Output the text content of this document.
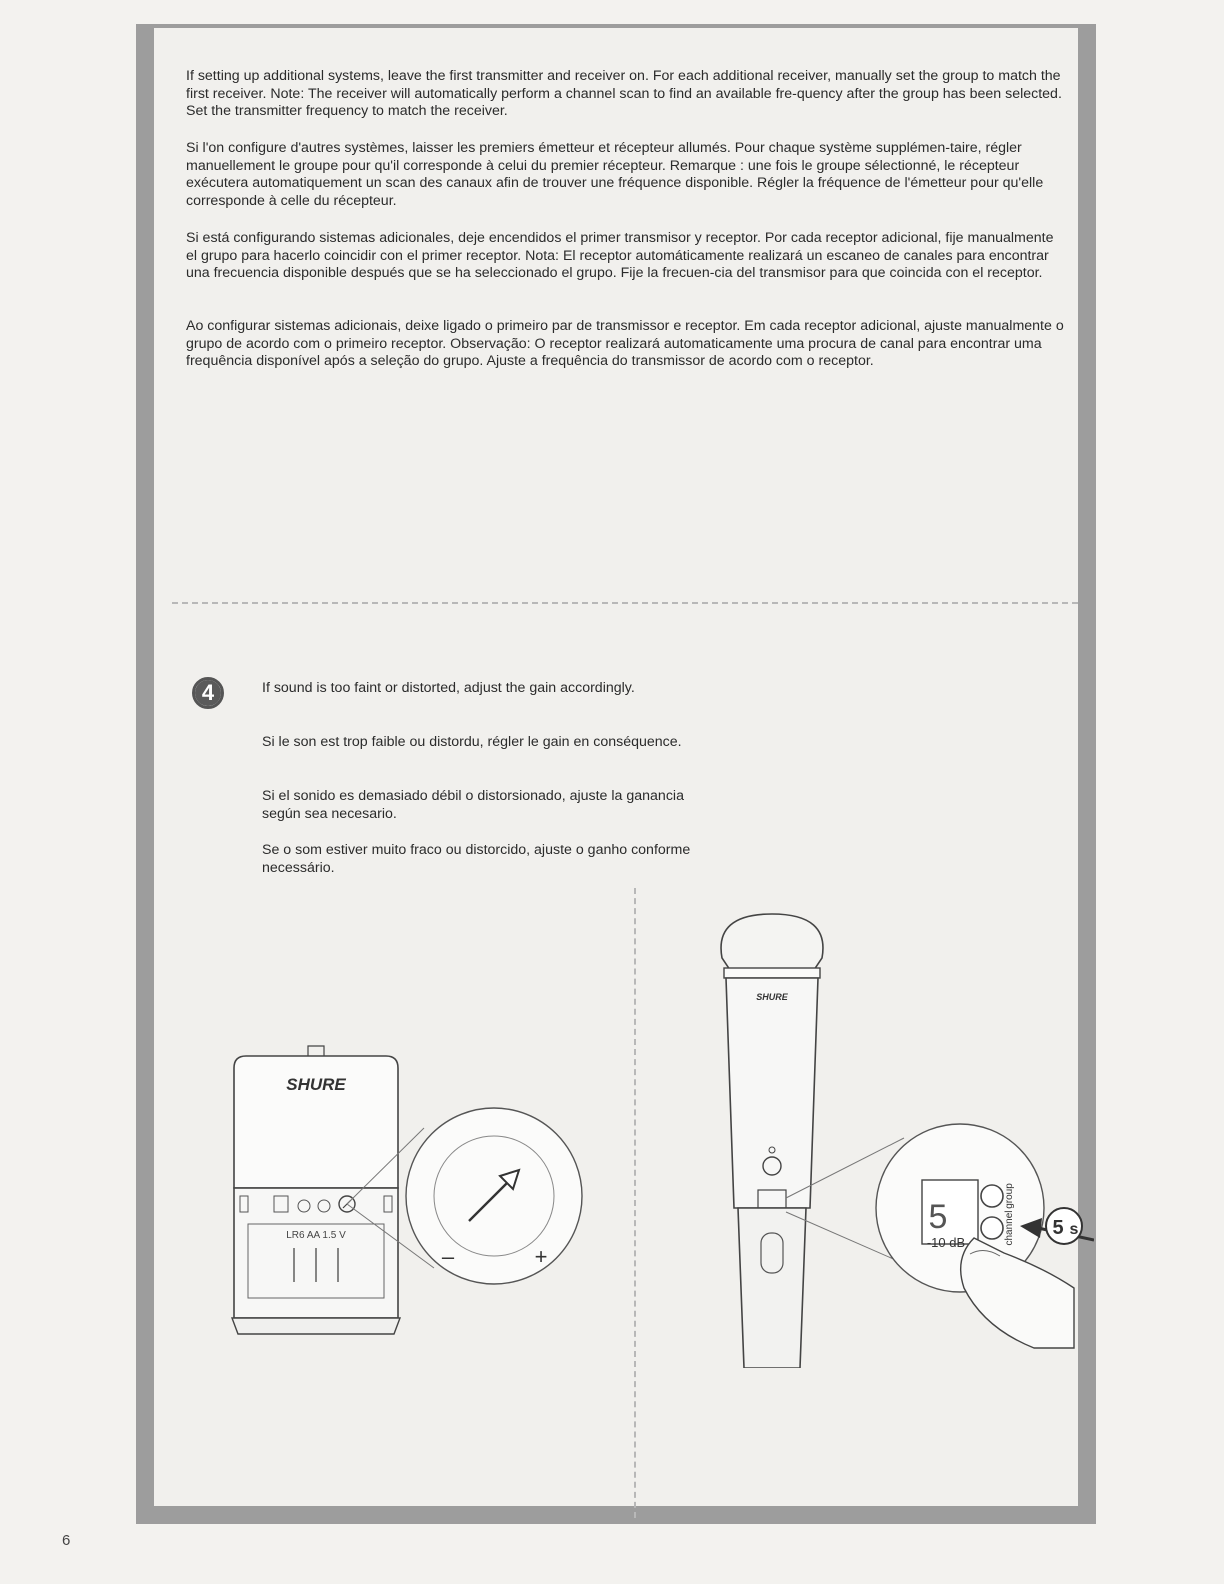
If setting up additional systems, leave the first transmitter and receiver on. For each additional receiver, manually set the group to match the first receiver. Note: The receiver will automatically perform a channel scan to find an available fre-quency after the group has been selected. Set the transmitter frequency to match the receiver.

Si l'on configure d'autres systèmes, laisser les premiers émetteur et récepteur allumés. Pour chaque système supplémen-taire, régler manuellement le groupe pour qu'il corresponde à celui du premier récepteur. Remarque : une fois le groupe sélectionné, le récepteur exécutera automatiquement un scan des canaux afin de trouver une fréquence disponible. Régler la fréquence de l'émetteur pour qu'elle corresponde à celle du récepteur.

Si está configurando sistemas adicionales, deje encendidos el primer transmisor y receptor. Por cada receptor adicional, fije manualmente el grupo para hacerlo coincidir con el primer receptor. Nota: El receptor automáticamente realizará un escaneo de canales para encontrar una frecuencia disponible después que se ha seleccionado el grupo. Fije la frecuen-cia del transmisor para que coincida con el receptor.

Ao configurar sistemas adicionais, deixe ligado o primeiro par de transmissor e receptor. Em cada receptor adicional, ajuste manualmente o grupo de acordo com o primeiro receptor. Observação: O receptor realizará automaticamente uma procura de canal para encontrar uma frequência disponível após a seleção do grupo. Ajuste a frequência do transmissor de acordo com o receptor.

4	If sound is too faint or distorted, adjust the gain accordingly.

Si le son est trop faible ou distordu, régler le gain en conséquence.

Si el sonido es demasiado débil o distorsionado, ajuste la ganancia según sea necesario.

Se o som estiver muito fraco ou distorcido, ajuste o ganho conforme necessário.

SHURE
LR6 AA 1.5 V
–	+
SHURE
5
-10 dB
group
channel 5 s
6
